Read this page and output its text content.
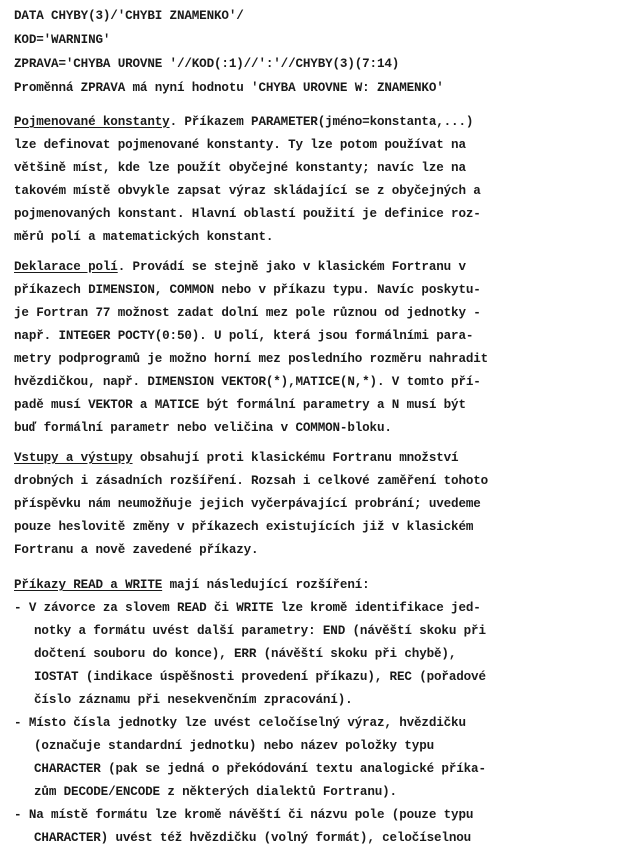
DATA CHYBY(3)/'CHYBI ZNAMENKO'/
KOD='WARNING'
ZPRAVA='CHYBA UROVNE '//KOD(:1)//':'//CHYBY(3)(7:14)
Proměnná ZPRAVA má nyní hodnotu 'CHYBA UROVNE W: ZNAMENKO'
Pojmenované konstanty. Příkazem PARAMETER(jméno=konstanta,...)
lze definovat pojmenované konstanty. Ty lze potom používat na
většině míst, kde lze použít obyčejné konstanty; navíc lze na
takovém místě obvykle zapsat výraz skládající se z obyčejných a
pojmenovaných konstant. Hlavní oblastí použití je definice roz-
měrů polí a matematických konstant.
Deklarace polí. Provádí se stejně jako v klasickém Fortranu v
příkazech DIMENSION, COMMON nebo v příkazu typu. Navíc poskytu-
je Fortran 77 možnost zadat dolní mez pole různou od jednotky -
např. INTEGER POCTY(0:50). U polí, která jsou formálními para-
metry podprogramů je možno horní mez posledního rozměru nahradit
hvězdičkou, např. DIMENSION VEKTOR(*),MATICE(N,*). V tomto pří-
padě musí VEKTOR a MATICE být formální parametry a N musí být
buď formální parametr nebo veličina v COMMON-bloku.
Vstupy a výstupy obsahují proti klasickému Fortranu množství
drobných i zásadních rozšíření. Rozsah i celkové zaměření tohoto
příspěvku nám neumožňuje jejich vyčerpávající probrání; uvedeme
pouze heslovitě změny v příkazech existujících již v klasickém
Fortranu a nově zavedené příkazy.
Příkazy READ a WRITE mají následující rozšíření:
- V závorce za slovem READ či WRITE lze kromě identifikace jed-
notky a formátu uvést další parametry: END (návěští skoku při
dočtení souboru do konce), ERR (návěští skoku při chybě),
IOSTAT (indikace úspěšnosti provedení příkazu), REC (pořadové
číslo záznamu při nesekvenčním zpracování).
- Místo čísla jednotky lze uvést celočíselný výraz, hvězdičku
(označuje standardní jednotku) nebo název položky typu
CHARACTER (pak se jedná o překódování textu analogické příka-
zům DECODE/ENCODE z některých dialektů Fortranu).
- Na místě formátu lze kromě návěští či názvu pole (pouze typu
CHARACTER) uvést též hvězdičku (volný formát), celočíselnou
